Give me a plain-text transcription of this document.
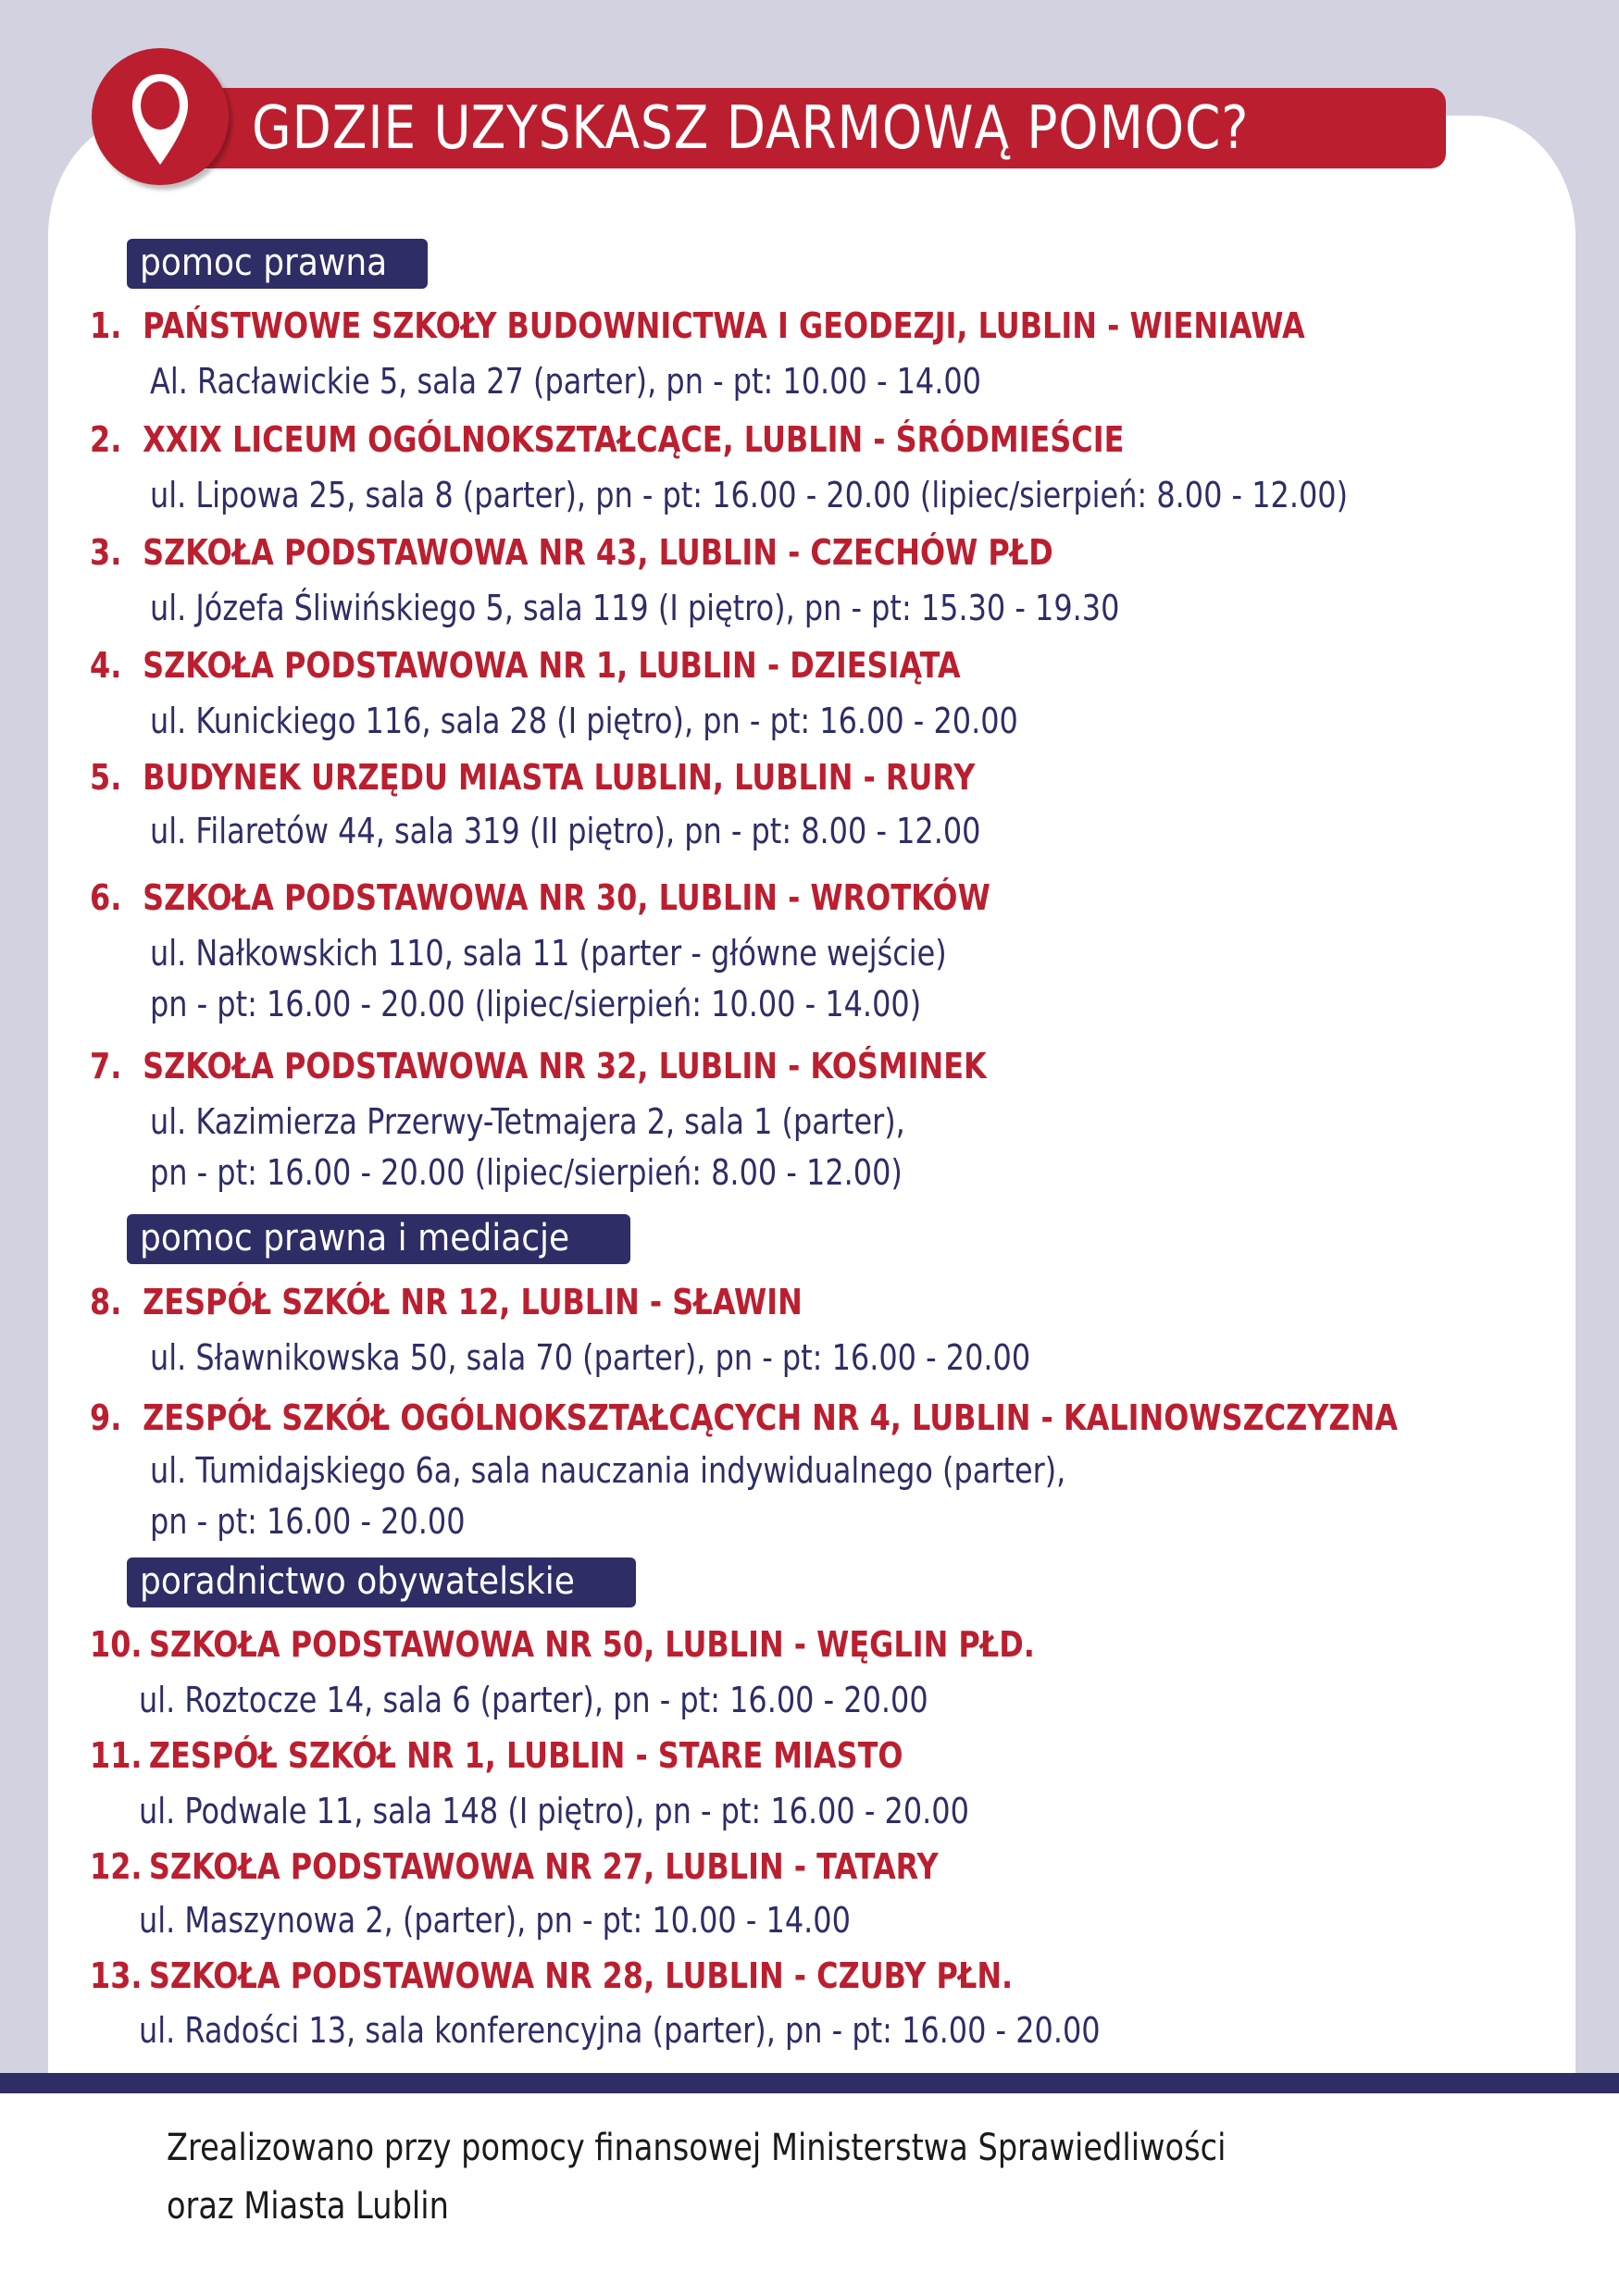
GDZIE UZYSKASZ DARMOWĄ POMOC?
pomoc prawna
1. PAŃSTWOWE SZKOŁY BUDOWNICTWA I GEODEZJI, LUBLIN - WIENIAWA
Al. Racławickie 5, sala 27 (parter), pn - pt: 10.00 - 14.00
2. XXIX LICEUM OGÓLNOKSZTAŁCĄCE, LUBLIN - ŚRÓDMIEŚCIE
ul. Lipowa 25, sala 8 (parter), pn - pt: 16.00 - 20.00 (lipiec/sierpień: 8.00 - 12.00)
3. SZKOŁA PODSTAWOWA NR 43, LUBLIN - CZECHÓW PŁD
ul. Józefa Śliwińskiego 5, sala 119 (I piętro), pn - pt: 15.30 - 19.30
4. SZKOŁA PODSTAWOWA NR 1, LUBLIN - DZIESIĄTA
ul. Kunickiego 116, sala 28 (I piętro), pn - pt: 16.00 - 20.00
5. BUDYNEK URZĘDU MIASTA LUBLIN, LUBLIN - RURY
ul. Filaretów 44, sala 319 (II piętro), pn - pt: 8.00 - 12.00
6. SZKOŁA PODSTAWOWA NR 30, LUBLIN - WROTKÓW
ul. Nałkowskich 110, sala 11 (parter - główne wejście)
pn - pt: 16.00 - 20.00 (lipiec/sierpień: 10.00 - 14.00)
7. SZKOŁA PODSTAWOWA NR 32, LUBLIN - KOŚMINEK
ul. Kazimierza Przerwy-Tetmajera 2, sala 1 (parter),
pn - pt: 16.00 - 20.00 (lipiec/sierpień: 8.00 - 12.00)
pomoc prawna i mediacje
8. ZESPÓŁ SZKÓŁ NR 12, LUBLIN - SŁAWIN
ul. Sławnikowska 50, sala 70 (parter), pn - pt: 16.00 - 20.00
9. ZESPÓŁ SZKÓŁ OGÓLNOKSZTAŁCĄCYCH NR 4, LUBLIN - KALINOWSZCZYZNA
ul. Tumidajskiego 6a, sala nauczania indywidualnego (parter),
pn - pt: 16.00 - 20.00
poradnictwo obywatelskie
10. SZKOŁA PODSTAWOWA NR 50, LUBLIN - WĘGLIN PŁD.
ul. Roztocze 14, sala 6 (parter), pn - pt: 16.00 - 20.00
11. ZESPÓŁ SZKÓŁ NR 1, LUBLIN - STARE MIASTO
ul. Podwale 11, sala 148 (I piętro), pn - pt: 16.00 - 20.00
12. SZKOŁA PODSTAWOWA NR 27, LUBLIN - TATARY
ul. Maszynowa 2, (parter), pn - pt: 10.00 - 14.00
13. SZKOŁA PODSTAWOWA NR 28, LUBLIN - CZUBY PŁN.
ul. Radości 13, sala konferencyjna (parter), pn - pt: 16.00 - 20.00
Zrealizowano przy pomocy finansowej Ministerstwa Sprawiedliwości
oraz Miasta Lublin
